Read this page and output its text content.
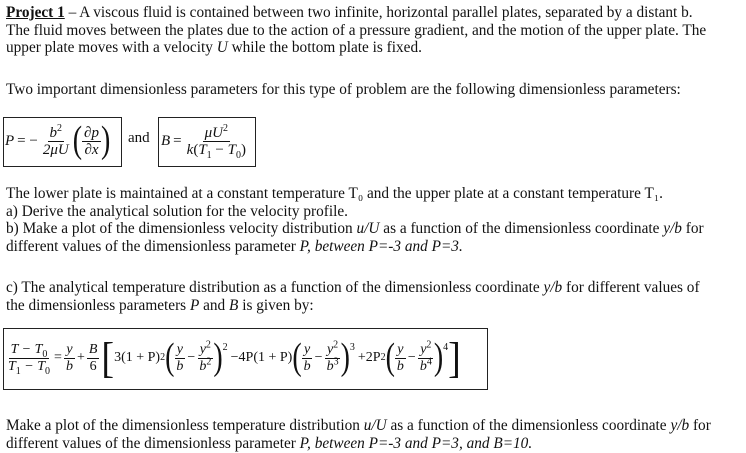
Project 1 – A viscous fluid is contained between two infinite, horizontal parallel plates, separated by a distant b.
The fluid moves between the plates due to the action of a pressure gradient, and the motion of the upper plate. The
upper plate moves with a velocity U while the bottom plate is fixed.
Two important dimensionless parameters for this type of problem are the following dimensionless parameters:
P = − $\frac{b^2}{2\mu U}$ ( $\frac{\partial p}{\partial x}$ ) and $B = \frac{\mu U^2}{k(T_1 - T_0)}$
The lower plate is maintained at a constant temperature T₀ and the upper plate at a constant temperature T₁.
a) Derive the analytical solution for the velocity profile.
b) Make a plot of the dimensionless velocity distribution u/U as a function of the dimensionless coordinate y/b for
different values of the dimensionless parameter P, between P=-3 and P=3.
c) The analytical temperature distribution as a function of the dimensionless coordinate y/b for different values of
the dimensionless parameters P and B is given by:
$\frac{T - T_0}{T_1 - T_0} = \frac{y}{b} + \frac{B}{6}$ [ 3(1 + P) 2 ( $\frac{y}{b} - \frac{y^2}{b^2} )^2$
−4P(1 + P) ( $\frac{y}{b} - \frac{y^2}{b^3} )^3$
+2P 2 ( $\frac{y}{b} - \frac{y^2}{b^4} )^4$ ]
Make a plot of the dimensionless temperature distribution u/U as a function of the dimensionless coordinate y/b for
different values of the dimensionless parameter P, between P=-3 and P=3, and B=10.
